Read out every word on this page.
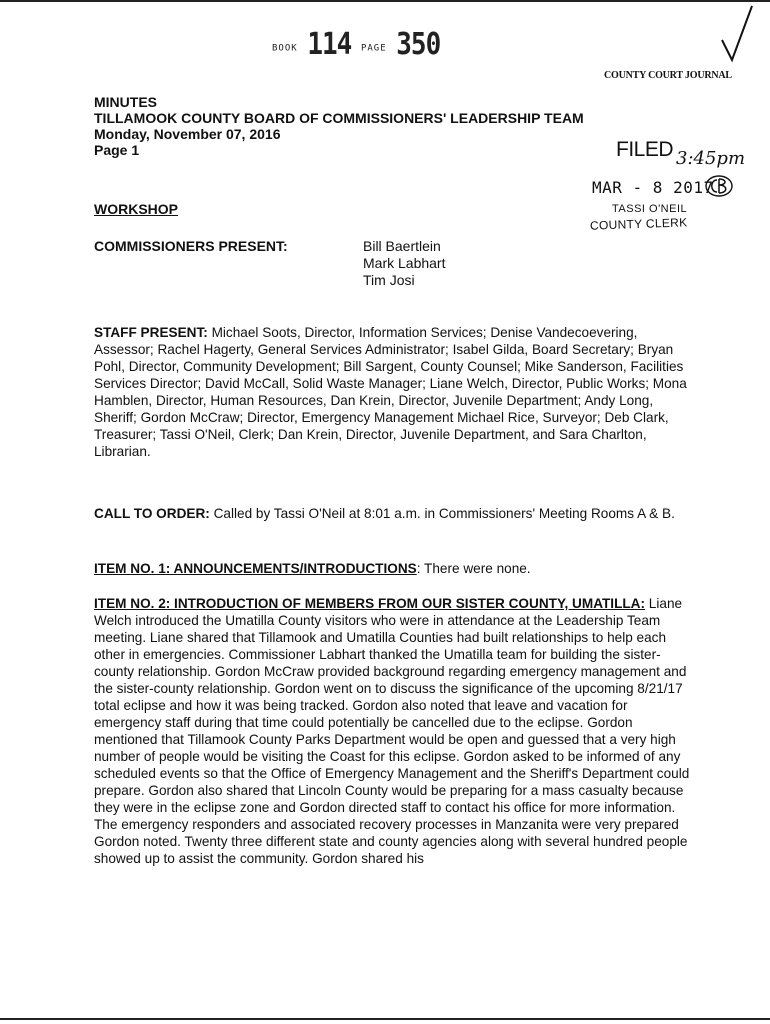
BOOK 114 PAGE 350
COUNTY COURT JOURNAL
FILED 3:45pm
MAR - 8 2017
TASSI O'NEIL
COUNTY CLERK
MINUTES
TILLAMOOK COUNTY BOARD OF COMMISSIONERS' LEADERSHIP TEAM
Monday, November 07, 2016
Page 1
WORKSHOP
COMMISSIONERS PRESENT:	Bill Baertlein
Mark Labhart
Tim Josi
STAFF PRESENT: Michael Soots, Director, Information Services; Denise Vandecoevering, Assessor; Rachel Hagerty, General Services Administrator; Isabel Gilda, Board Secretary; Bryan Pohl, Director, Community Development; Bill Sargent, County Counsel; Mike Sanderson, Facilities Services Director; David McCall, Solid Waste Manager; Liane Welch, Director, Public Works; Mona Hamblen, Director, Human Resources, Dan Krein, Director, Juvenile Department; Andy Long, Sheriff; Gordon McCraw; Director, Emergency Management Michael Rice, Surveyor; Deb Clark, Treasurer; Tassi O'Neil, Clerk; Dan Krein, Director, Juvenile Department, and Sara Charlton, Librarian.
CALL TO ORDER: Called by Tassi O'Neil at 8:01 a.m. in Commissioners' Meeting Rooms A & B.
ITEM NO. 1: ANNOUNCEMENTS/INTRODUCTIONS: There were none.
ITEM NO. 2: INTRODUCTION OF MEMBERS FROM OUR SISTER COUNTY, UMATILLA: Liane Welch introduced the Umatilla County visitors who were in attendance at the Leadership Team meeting. Liane shared that Tillamook and Umatilla Counties had built relationships to help each other in emergencies. Commissioner Labhart thanked the Umatilla team for building the sister-county relationship. Gordon McCraw provided background regarding emergency management and the sister-county relationship. Gordon went on to discuss the significance of the upcoming 8/21/17 total eclipse and how it was being tracked. Gordon also noted that leave and vacation for emergency staff during that time could potentially be cancelled due to the eclipse. Gordon mentioned that Tillamook County Parks Department would be open and guessed that a very high number of people would be visiting the Coast for this eclipse. Gordon asked to be informed of any scheduled events so that the Office of Emergency Management and the Sheriff's Department could prepare. Gordon also shared that Lincoln County would be preparing for a mass casualty because they were in the eclipse zone and Gordon directed staff to contact his office for more information.
The emergency responders and associated recovery processes in Manzanita were very prepared Gordon noted. Twenty three different state and county agencies along with several hundred people showed up to assist the community. Gordon shared his
